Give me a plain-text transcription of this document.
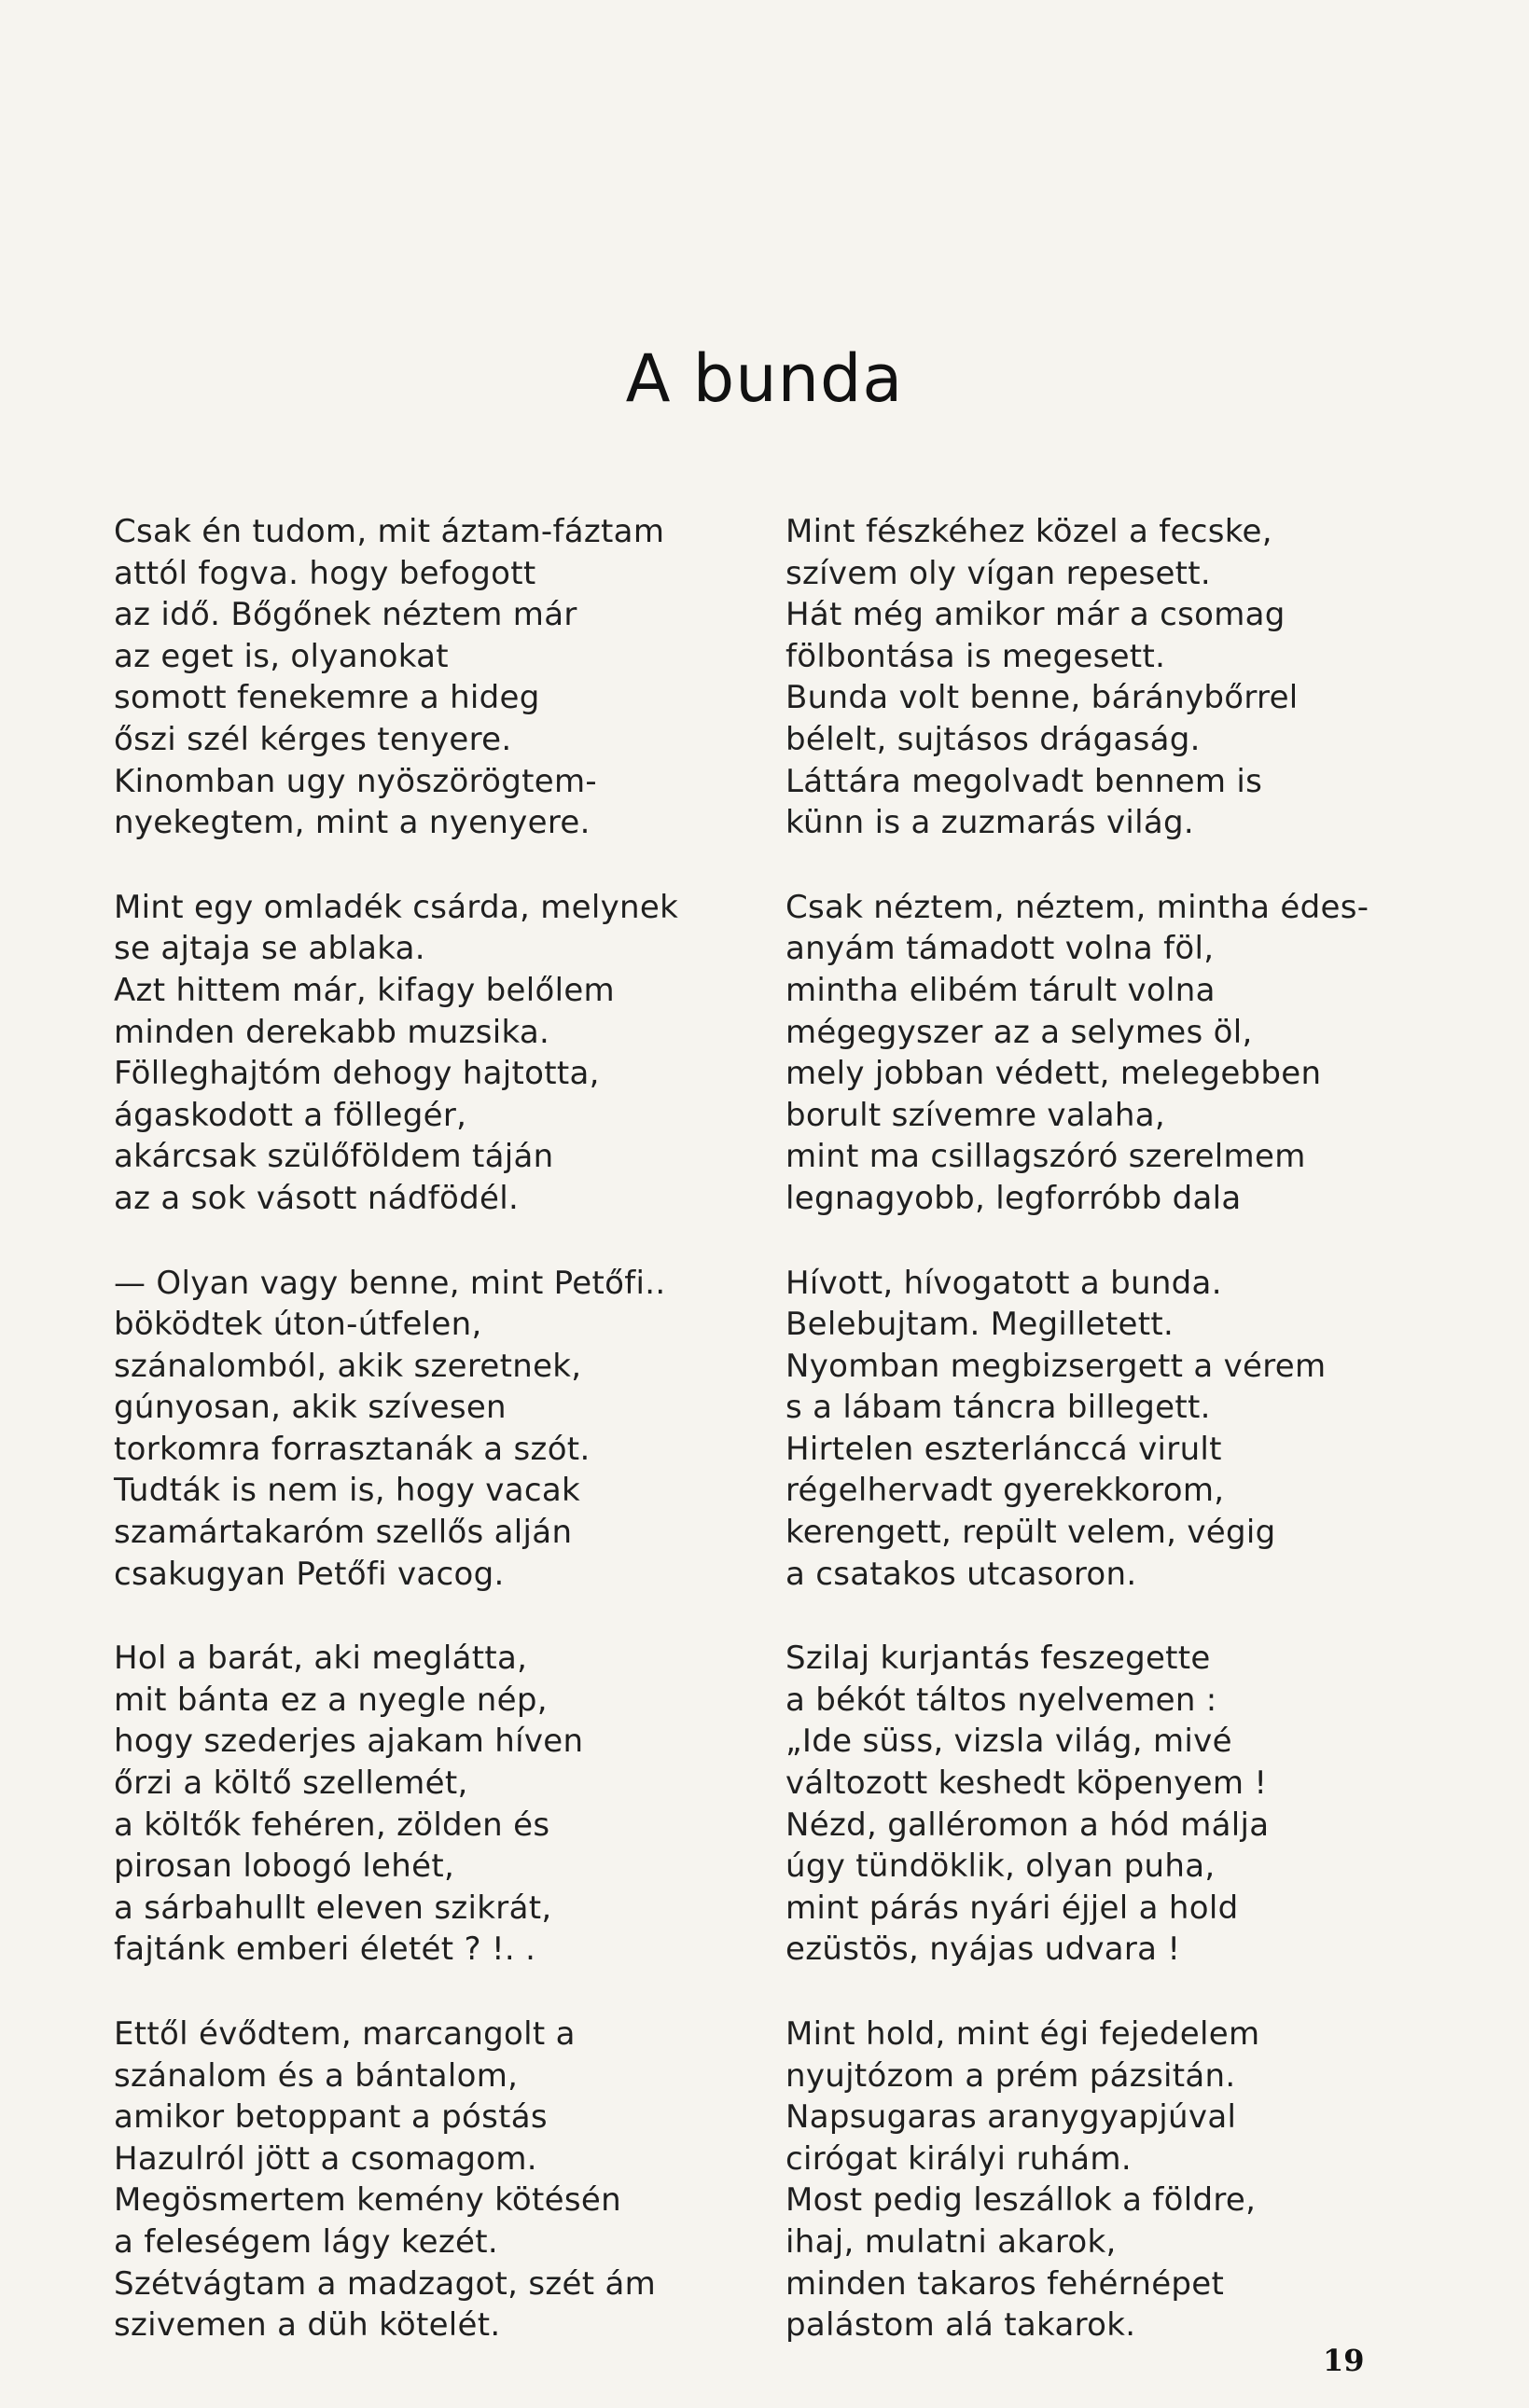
A bunda
Csak én tudom, mit áztam-fáztam
attól fogva. hogy befogott
az idő. Bőgőnek néztem már
az eget is, olyanokat
somott fenekemre a hideg
őszi szél kérges tenyere.
Kinomban ugy nyöszörögtem-
nyekegtem, mint a nyenyere.
Mint egy omladék csárda, melynek
se ajtaja se ablaka.
Azt hittem már, kifagy belőlem
minden derekabb muzsika.
Fölleghajtóm dehogy hajtotta,
ágaskodott a föllegér,
akárcsak szülőföldem táján
az a sok vásott nádfödél.
— Olyan vagy benne, mint Petőfi..
böködtek úton-útfelen,
szánalomból, akik szeretnek,
gúnyosan, akik szívesen
torkomra forrasztanák a szót.
Tudták is nem is, hogy vacak
szamártakaróm szellős alján
csakugyan Petőfi vacog.
Hol a barát, aki meglátta,
mit bánta ez a nyegle nép,
hogy szederjes ajakam híven
őrzi a költő szellemét,
a költők fehéren, zölden és
pirosan lobogó lehét,
a sárbahullt eleven szikrát,
fajtánk emberi életét ? !. .
Ettől évődtem, marcangolt a
szánalom és a bántalom,
amikor betoppant a póstás
Hazulról jött a csomagom.
Megösmertem kemény kötésén
a feleségem lágy kezét.
Szétvágtam a madzagot, szét ám
szivemen a düh kötelét.
Mint fészkéhez közel a fecske,
szívem oly vígan repesett.
Hát még amikor már a csomag
fölbontása is megesett.
Bunda volt benne, báránybőrrel
bélelt, sujtásos drágaság.
Láttára megolvadt bennem is
künn is a zuzmarás világ.
Csak néztem, néztem, mintha édes-
anyám támadott volna föl,
mintha elibém tárult volna
mégegyszer az a selymes öl,
mely jobban védett, melegebben
borult szívemre valaha,
mint ma csillagszóró szerelmem
legnagyobb, legforróbb dala
Hívott, hívogatott a bunda.
Belebujtam. Megilletett.
Nyomban megbizsergett a vérem
s a lábam táncra billegett.
Hirtelen eszterlánccá virult
régelhervadt gyerekkorom,
kerengett, repült velem, végig
a csatakos utcasoron.
Szilaj kurjantás feszegette
a békót táltos nyelvemen :
„Ide süss, vizsla világ, mivé
változott keshedt köpenyem !
Nézd, galléromon a hód málja
úgy tündöklik, olyan puha,
mint párás nyári éjjel a hold
ezüstös, nyájas udvara !
Mint hold, mint égi fejedelem
nyujtózom a prém pázsitán.
Napsugaras aranygyapjúval
cirógat királyi ruhám.
Most pedig leszállok a földre,
ihaj, mulatni akarok,
minden takaros fehérnépet
palástom alá takarok.
19
